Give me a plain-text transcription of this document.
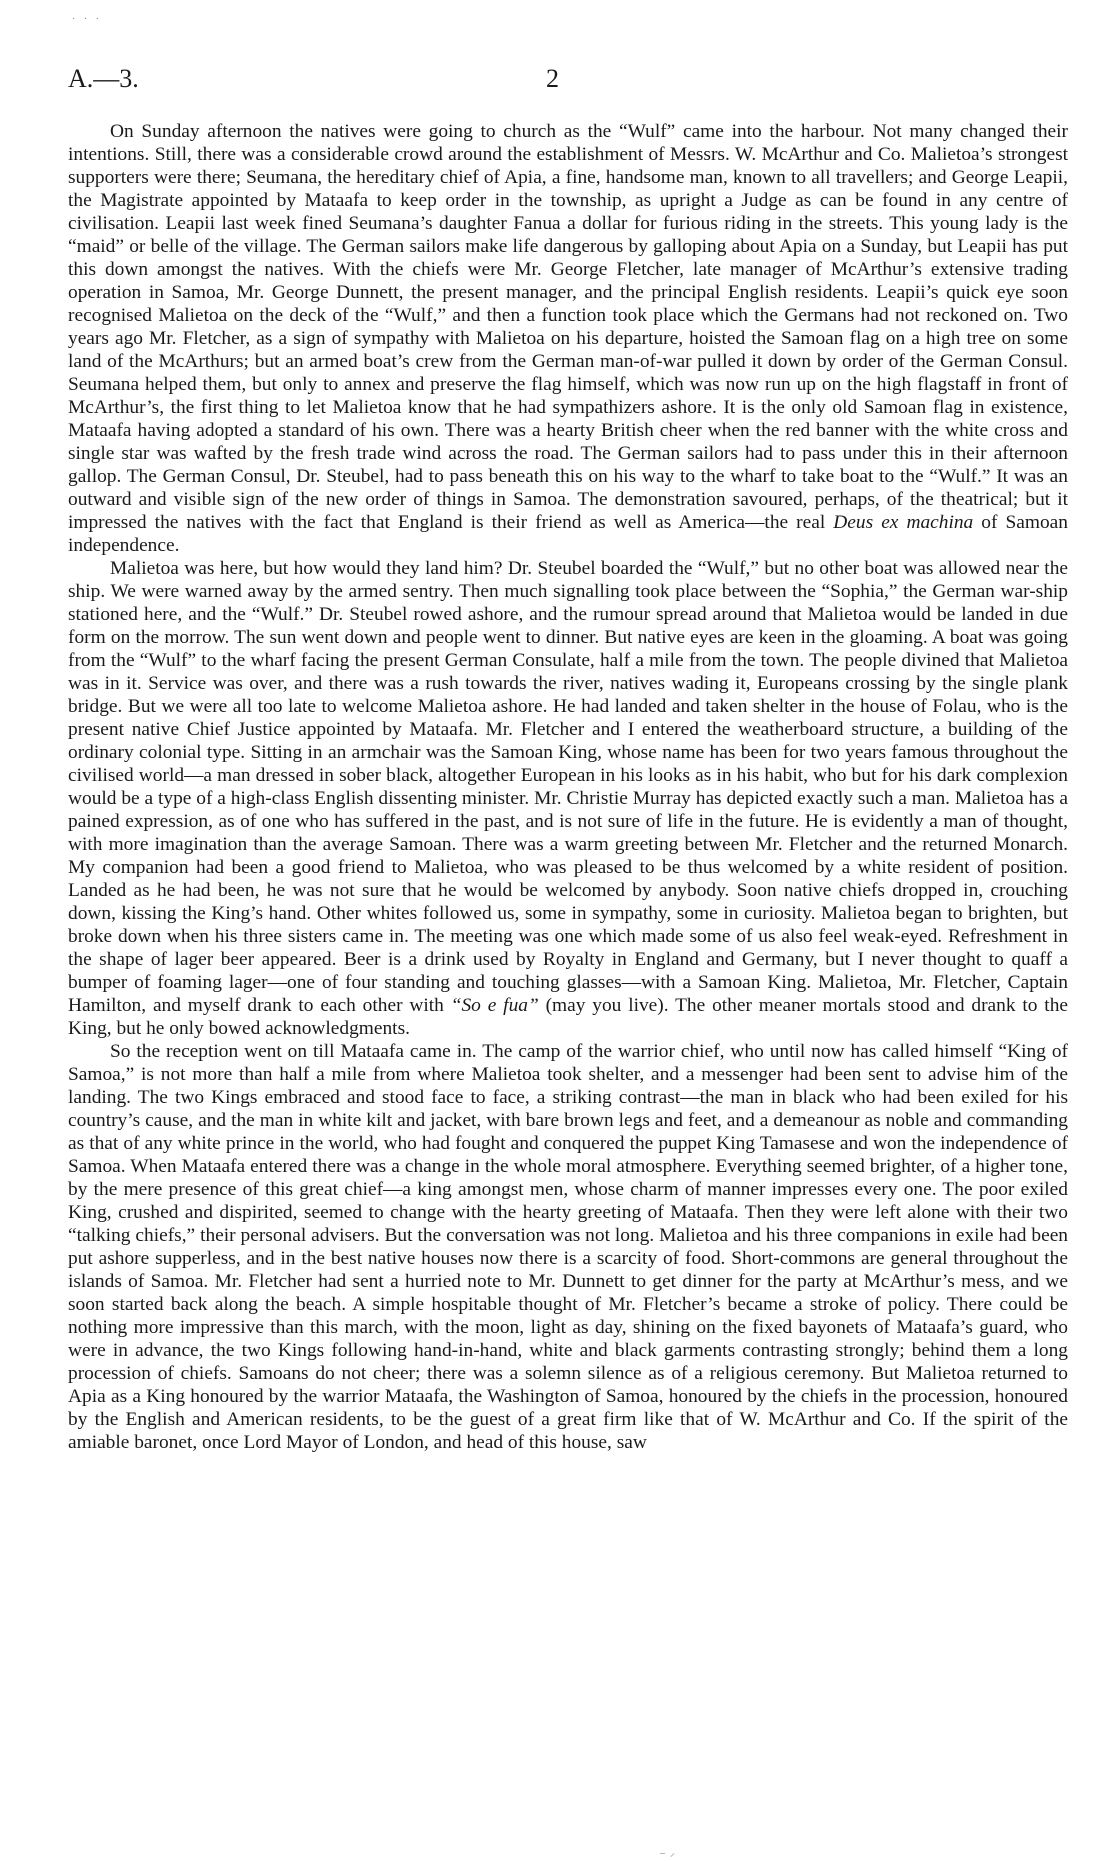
· · ·
A.—3.	2

On Sunday afternoon the natives were going to church as the “Wulf” came into the harbour. Not many changed their intentions. Still, there was a considerable crowd around the establishment of Messrs. W. McArthur and Co. Malietoa’s strongest supporters were there; Seumana, the hereditary chief of Apia, a fine, handsome man, known to all travellers; and George Leapii, the Magistrate appointed by Mataafa to keep order in the township, as upright a Judge as can be found in any centre of civilisation. Leapii last week fined Seumana’s daughter Fanua a dollar for furious riding in the streets. This young lady is the “maid” or belle of the village. The German sailors make life dangerous by galloping about Apia on a Sunday, but Leapii has put this down amongst the natives. With the chiefs were Mr. George Fletcher, late manager of McArthur’s extensive trading operation in Samoa, Mr. George Dunnett, the present manager, and the principal English residents. Leapii’s quick eye soon recognised Malietoa on the deck of the “Wulf,” and then a function took place which the Germans had not reckoned on. Two years ago Mr. Fletcher, as a sign of sympathy with Malietoa on his departure, hoisted the Samoan flag on a high tree on some land of the McArthurs; but an armed boat’s crew from the German man-of-war pulled it down by order of the German Consul. Seumana helped them, but only to annex and preserve the flag himself, which was now run up on the high flagstaff in front of McArthur’s, the first thing to let Malietoa know that he had sympathizers ashore. It is the only old Samoan flag in existence, Mataafa having adopted a standard of his own. There was a hearty British cheer when the red banner with the white cross and single star was wafted by the fresh trade wind across the road. The German sailors had to pass under this in their afternoon gallop. The German Consul, Dr. Steubel, had to pass beneath this on his way to the wharf to take boat to the “Wulf.” It was an outward and visible sign of the new order of things in Samoa. The demonstration savoured, perhaps, of the theatrical; but it impressed the natives with the fact that England is their friend as well as America—the real Deus ex machina of Samoan independence.

Malietoa was here, but how would they land him? Dr. Steubel boarded the “Wulf,” but no other boat was allowed near the ship. We were warned away by the armed sentry. Then much signalling took place between the “Sophia,” the German war-ship stationed here, and the “Wulf.” Dr. Steubel rowed ashore, and the rumour spread around that Malietoa would be landed in due form on the morrow. The sun went down and people went to dinner. But native eyes are keen in the gloaming. A boat was going from the “Wulf” to the wharf facing the present German Consulate, half a mile from the town. The people divined that Malietoa was in it. Service was over, and there was a rush towards the river, natives wading it, Europeans crossing by the single plank bridge. But we were all too late to welcome Malietoa ashore. He had landed and taken shelter in the house of Folau, who is the present native Chief Justice appointed by Mataafa. Mr. Fletcher and I entered the weatherboard structure, a building of the ordinary colonial type. Sitting in an armchair was the Samoan King, whose name has been for two years famous throughout the civilised world—a man dressed in sober black, altogether European in his looks as in his habit, who but for his dark complexion would be a type of a high-class English dissenting minister. Mr. Christie Murray has depicted exactly such a man. Malietoa has a pained expression, as of one who has suffered in the past, and is not sure of life in the future. He is evidently a man of thought, with more imagination than the average Samoan. There was a warm greeting between Mr. Fletcher and the returned Monarch. My companion had been a good friend to Malietoa, who was pleased to be thus welcomed by a white resident of position. Landed as he had been, he was not sure that he would be welcomed by anybody. Soon native chiefs dropped in, crouching down, kissing the King’s hand. Other whites followed us, some in sympathy, some in curiosity. Malietoa began to brighten, but broke down when his three sisters came in. The meeting was one which made some of us also feel weak-eyed. Refreshment in the shape of lager beer appeared. Beer is a drink used by Royalty in England and Germany, but I never thought to quaff a bumper of foaming lager—one of four standing and touching glasses—with a Samoan King. Malietoa, Mr. Fletcher, Captain Hamilton, and myself drank to each other with “So e fua” (may you live). The other meaner mortals stood and drank to the King, but he only bowed acknowledgments.

So the reception went on till Mataafa came in. The camp of the warrior chief, who until now has called himself “King of Samoa,” is not more than half a mile from where Malietoa took shelter, and a messenger had been sent to advise him of the landing. The two Kings embraced and stood face to face, a striking contrast—the man in black who had been exiled for his country’s cause, and the man in white kilt and jacket, with bare brown legs and feet, and a demeanour as noble and commanding as that of any white prince in the world, who had fought and conquered the puppet King Tamasese and won the independence of Samoa. When Mataafa entered there was a change in the whole moral atmosphere. Everything seemed brighter, of a higher tone, by the mere presence of this great chief—a king amongst men, whose charm of manner impresses every one. The poor exiled King, crushed and dispirited, seemed to change with the hearty greeting of Mataafa. Then they were left alone with their two “talking chiefs,” their personal advisers. But the conversation was not long. Malietoa and his three companions in exile had been put ashore supperless, and in the best native houses now there is a scarcity of food. Short-commons are general throughout the islands of Samoa. Mr. Fletcher had sent a hurried note to Mr. Dunnett to get dinner for the party at McArthur’s mess, and we soon started back along the beach. A simple hospitable thought of Mr. Fletcher’s became a stroke of policy. There could be nothing more impressive than this march, with the moon, light as day, shining on the fixed bayonets of Mataafa’s guard, who were in advance, the two Kings following hand-in-hand, white and black garments contrasting strongly; behind them a long procession of chiefs. Samoans do not cheer; there was a solemn silence as of a religious ceremony. But Malietoa returned to Apia as a King honoured by the warrior Mataafa, the Washington of Samoa, honoured by the chiefs in the procession, honoured by the English and American residents, to be the guest of a great firm like that of W. McArthur and Co. If the spirit of the amiable baronet, once Lord Mayor of London, and head of this house, saw

‒  ⸝
